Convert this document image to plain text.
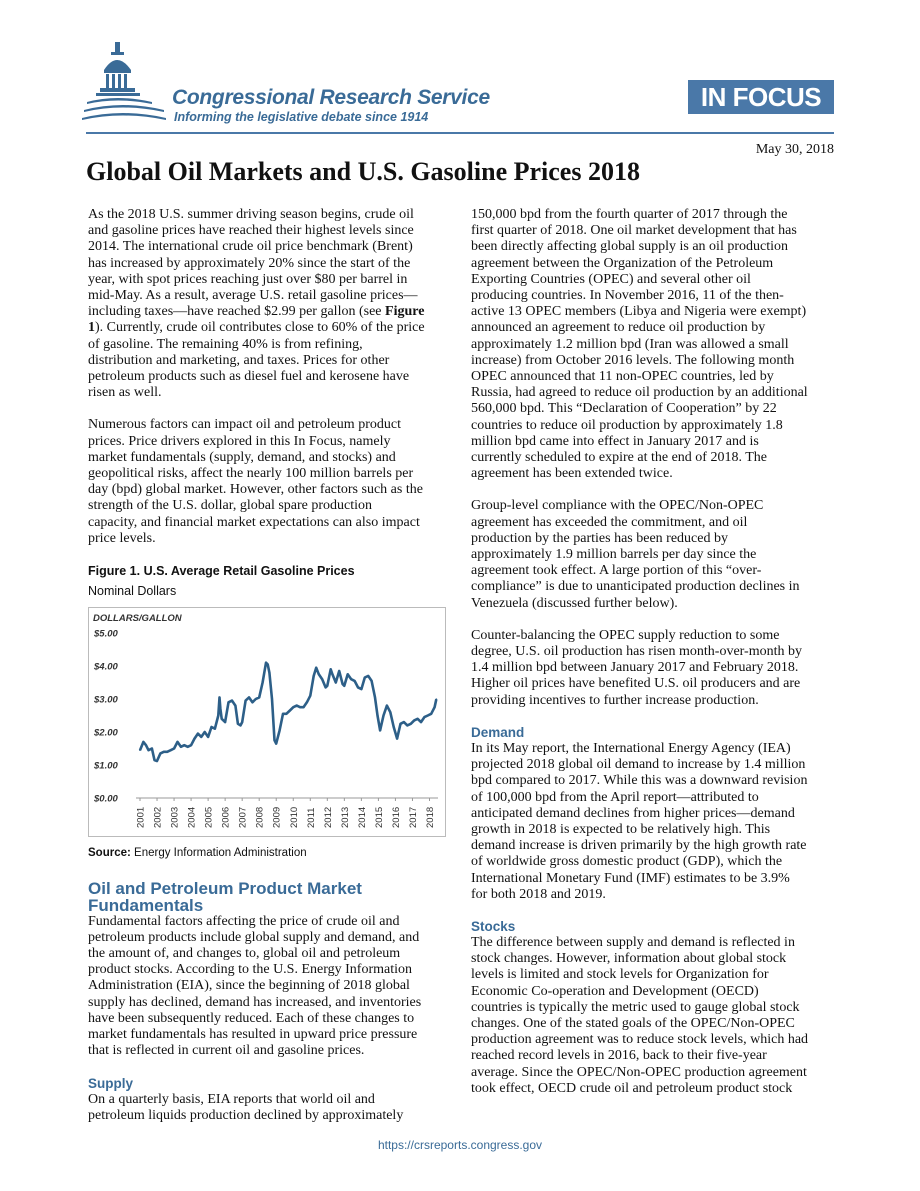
Congressional Research Service
Informing the legislative debate since 1914
IN FOCUS
May 30, 2018
Global Oil Markets and U.S. Gasoline Prices 2018

As the 2018 U.S. summer driving season begins, crude oil
and gasoline prices have reached their highest levels since
2014. The international crude oil price benchmark (Brent)
has increased by approximately 20% since the start of the
year, with spot prices reaching just over $80 per barrel in
mid-May. As a result, average U.S. retail gasoline prices—
including taxes—have reached $2.99 per gallon (see Figure
1). Currently, crude oil contributes close to 60% of the price
of gasoline. The remaining 40% is from refining,
distribution and marketing, and taxes. Prices for other
petroleum products such as diesel fuel and kerosene have
risen as well.

Numerous factors can impact oil and petroleum product
prices. Price drivers explored in this In Focus, namely
market fundamentals (supply, demand, and stocks) and
geopolitical risks, affect the nearly 100 million barrels per
day (bpd) global market. However, other factors such as the
strength of the U.S. dollar, global spare production
capacity, and financial market expectations can also impact
price levels.

Figure 1. U.S. Average Retail Gasoline Prices
Nominal Dollars
DOLLARS/GALLON
$0.00
$1.00
$2.00
$3.00
$4.00
$5.00
2001 2002 2003 2004 2005 2006 2007 2008 2009 2010 2011 2012 2013 2014 2015 2016 2017 2018
Source: Energy Information Administration
Oil and Petroleum Product Market Fundamentals

Fundamental factors affecting the price of crude oil and
petroleum products include global supply and demand, and
the amount of, and changes to, global oil and petroleum
product stocks. According to the U.S. Energy Information
Administration (EIA), since the beginning of 2018 global
supply has declined, demand has increased, and inventories
have been subsequently reduced. Each of these changes to
market fundamentals has resulted in upward price pressure
that is reflected in current oil and gasoline prices.

Supply

On a quarterly basis, EIA reports that world oil and
petroleum liquids production declined by approximately

150,000 bpd from the fourth quarter of 2017 through the
first quarter of 2018. One oil market development that has
been directly affecting global supply is an oil production
agreement between the Organization of the Petroleum
Exporting Countries (OPEC) and several other oil
producing countries. In November 2016, 11 of the then-
active 13 OPEC members (Libya and Nigeria were exempt)
announced an agreement to reduce oil production by
approximately 1.2 million bpd (Iran was allowed a small
increase) from October 2016 levels. The following month
OPEC announced that 11 non-OPEC countries, led by
Russia, had agreed to reduce oil production by an additional
560,000 bpd. This “Declaration of Cooperation” by 22
countries to reduce oil production by approximately 1.8
million bpd came into effect in January 2017 and is
currently scheduled to expire at the end of 2018. The
agreement has been extended twice.

Group-level compliance with the OPEC/Non-OPEC
agreement has exceeded the commitment, and oil
production by the parties has been reduced by
approximately 1.9 million barrels per day since the
agreement took effect. A large portion of this “over-
compliance” is due to unanticipated production declines in
Venezuela (discussed further below).

Counter-balancing the OPEC supply reduction to some
degree, U.S. oil production has risen month-over-month by
1.4 million bpd between January 2017 and February 2018.
Higher oil prices have benefited U.S. oil producers and are
providing incentives to further increase production.

Demand

In its May report, the International Energy Agency (IEA)
projected 2018 global oil demand to increase by 1.4 million
bpd compared to 2017. While this was a downward revision
of 100,000 bpd from the April report—attributed to
anticipated demand declines from higher prices—demand
growth in 2018 is expected to be relatively high. This
demand increase is driven primarily by the high growth rate
of worldwide gross domestic product (GDP), which the
International Monetary Fund (IMF) estimates to be 3.9%
for both 2018 and 2019.

Stocks

The difference between supply and demand is reflected in
stock changes. However, information about global stock
levels is limited and stock levels for Organization for
Economic Co-operation and Development (OECD)
countries is typically the metric used to gauge global stock
changes. One of the stated goals of the OPEC/Non-OPEC
production agreement was to reduce stock levels, which had
reached record levels in 2016, back to their five-year
average. Since the OPEC/Non-OPEC production agreement
took effect, OECD crude oil and petroleum product stock

https://crsreports.congress.gov
